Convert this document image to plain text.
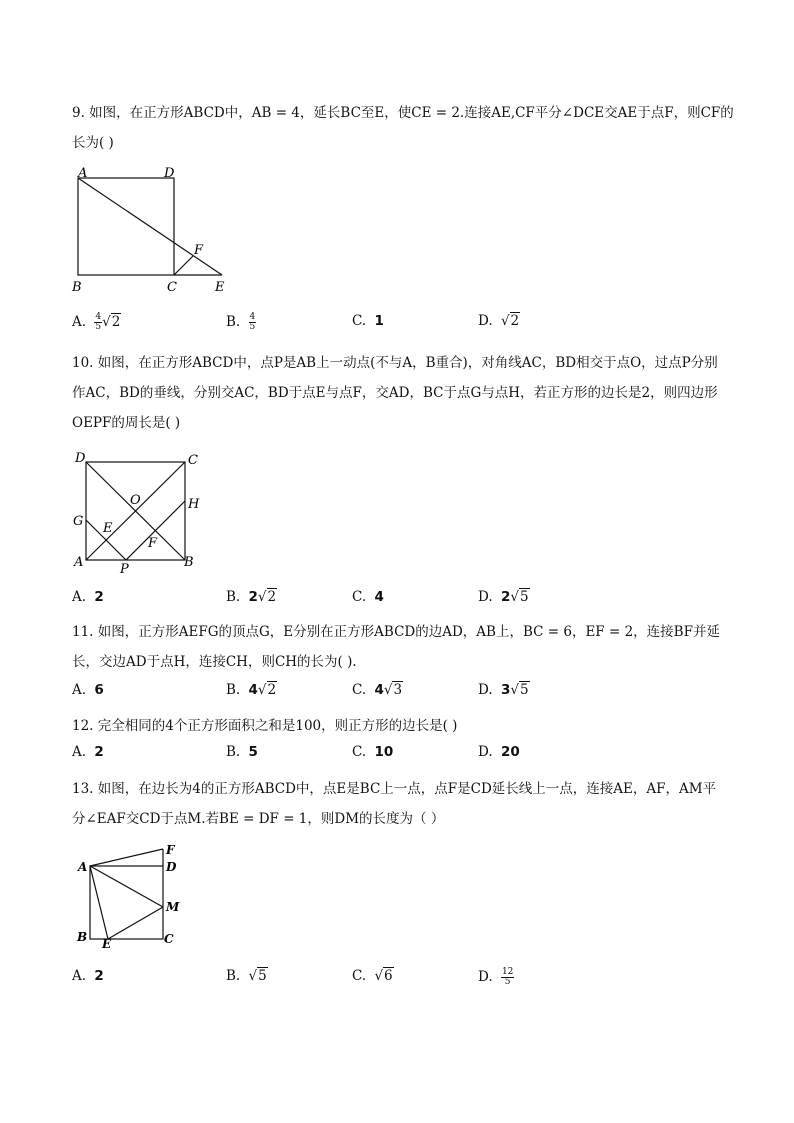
9. 如图，在正方形ABCD中，AB = 4，延长BC至E，使CE = 2.连接AE,CF平分∠DCE交AE于点F，则CF的
长为( )
A	D
B	C	E
F
A. $\frac{4}{5}$ √ 2	B. $\frac{4}{5}$	C. 1	D. √ 2
10. 如图，在正方形ABCD中，点P是AB上一动点(不与A，B重合)，对角线AC，BD相交于点O，过点P分别
作AC，BD的垂线，分别交AC，BD于点E与点F，交AD，BC于点G与点H，若正方形的边长是2，则四边形
OEPF的周长是( )
D	C
O	H
G E
F
A	P	B
A. 2	B. 2 √ 2	C. 4	D. 2 √ 5
11. 如图，正方形AEFG的顶点G，E分别在正方形ABCD的边AD，AB上，BC = 6，EF = 2，连接BF并延
长，交边AD于点H，连接CH，则CH的长为( ).
A. 6	B. 4 √ 2	C. 4 √ 3	D. 3 √ 5
12. 完全相同的4个正方形面积之和是100，则正方形的边长是( )
A. 2	B. 5	C. 10	D. 20
13. 如图，在边长为4的正方形ABCD中，点E是BC上一点，点F是CD延长线上一点，连接AE，AF，AM平
分∠EAF交CD于点M.若BE = DF = 1，则DM的长度为（ ）
F
A	D
M
B E	C
A. 2	B. √ 5	C. √ 6	D. $\frac{12}{5}$
